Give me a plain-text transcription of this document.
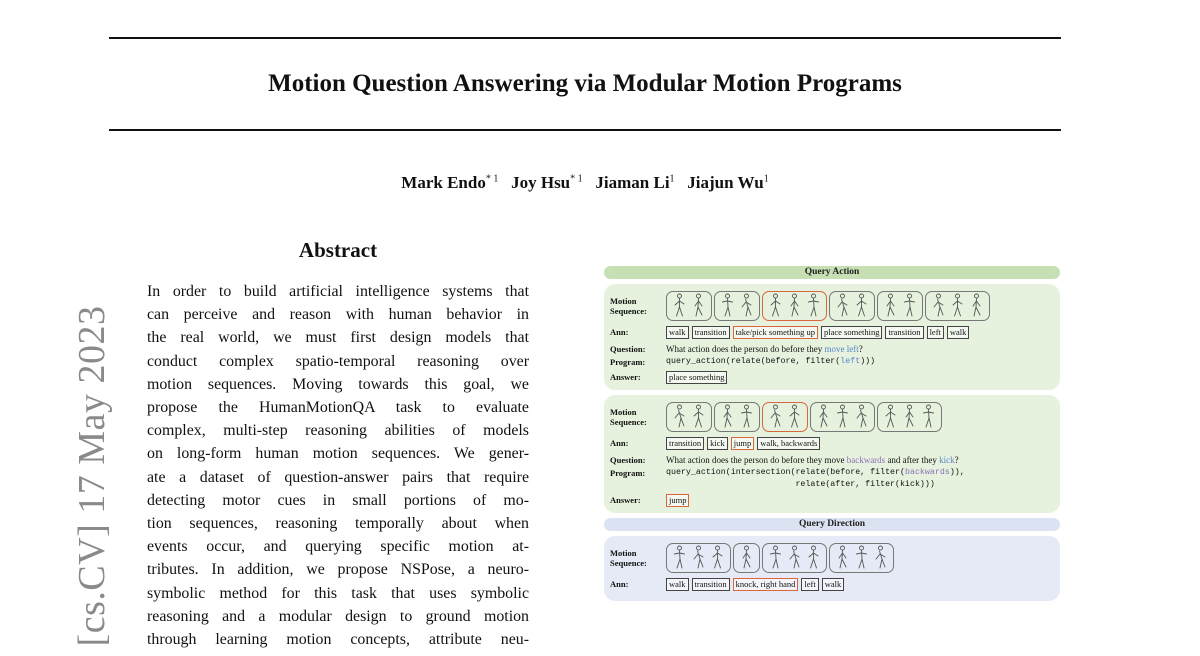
Motion Question Answering via Modular Motion Programs
Mark Endo$^{* 1}$ Joy Hsu$^{* 1}$ Jiaman Li$^1$ Jiajun Wu$^1$
[cs.CV] 17 May 2023
Abstract
In order to build artificial intelligence systems that
can perceive and reason with human behavior in
the real world, we must first design models that
conduct complex spatio-temporal reasoning over
motion sequences. Moving towards this goal, we
propose the HumanMotionQA task to evaluate
complex, multi-step reasoning abilities of models
on long-form human motion sequences. We gener-
ate a dataset of question-answer pairs that require
detecting motor cues in small portions of mo-
tion sequences, reasoning temporally about when
events occur, and querying specific motion at-
tributes. In addition, we propose NSPose, a neuro-
symbolic method for this task that uses symbolic
reasoning and a modular design to ground motion
through learning motion concepts, attribute neu-
Query Action
Motion
Sequence:
Ann:	walk	transition	take/pick something up	place something	transition	left	walk
Question:	What action does the person do before they move left?
Program:	query_action(relate(before, filter(left)))
Answer:	place something
Motion
Sequence:
Ann:	transition	kick	jump	walk, backwards
Question:	What action does the person do before they move backwards and after they kick?
Program:	query_action(intersection(relate(before, filter(backwards)),
relate(after, filter(kick)))
Answer:	jump
Query Direction
Motion
Sequence:
Ann:	walk	transition	knock, right hand	left	walk
